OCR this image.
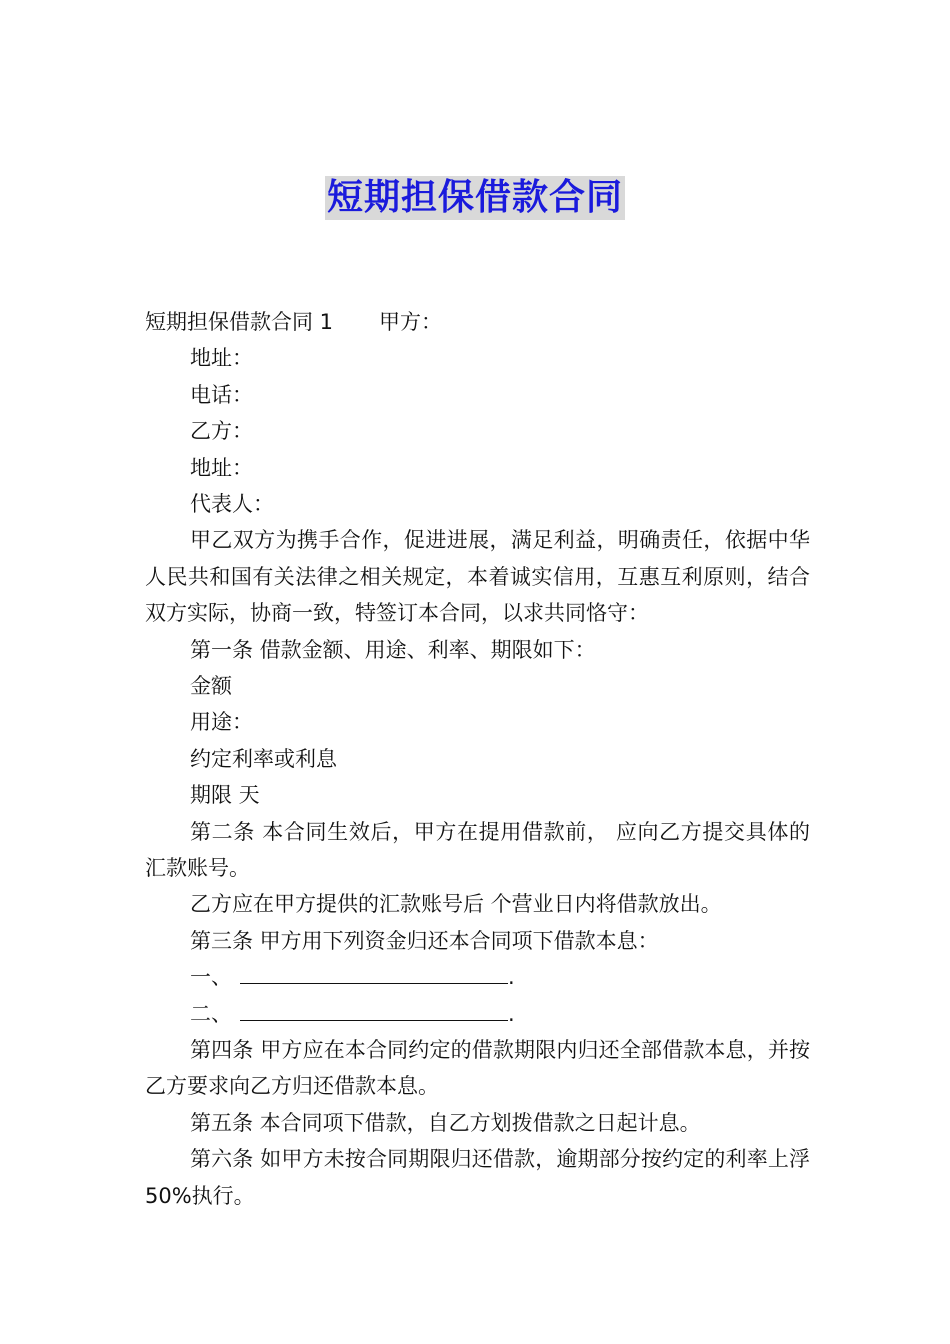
短期担保借款合同
短期担保借款合同 1 甲方：
地址：
电话：
乙方：
地址：
代表人：
甲乙双方为携手合作，促进进展，满足利益，明确责任，依据中华人民共和国有关法律之相关规定，本着诚实信用，互惠互利原则，结合双方实际，协商一致，特签订本合同，以求共同恪守：
第一条 借款金额、用途、利率、期限如下：
金额
用途：
约定利率或利息
期限 天
第二条 本合同生效后，甲方在提用借款前， 应向乙方提交具体的汇款账号。
乙方应在甲方提供的汇款账号后 个营业日内将借款放出。
第三条 甲方用下列资金归还本合同项下借款本息：
一、	.
二、	.
第四条 甲方应在本合同约定的借款期限内归还全部借款本息，并按乙方要求向乙方归还借款本息。
第五条 本合同项下借款，自乙方划拨借款之日起计息。
第六条 如甲方未按合同期限归还借款，逾期部分按约定的利率上浮 50%执行。
